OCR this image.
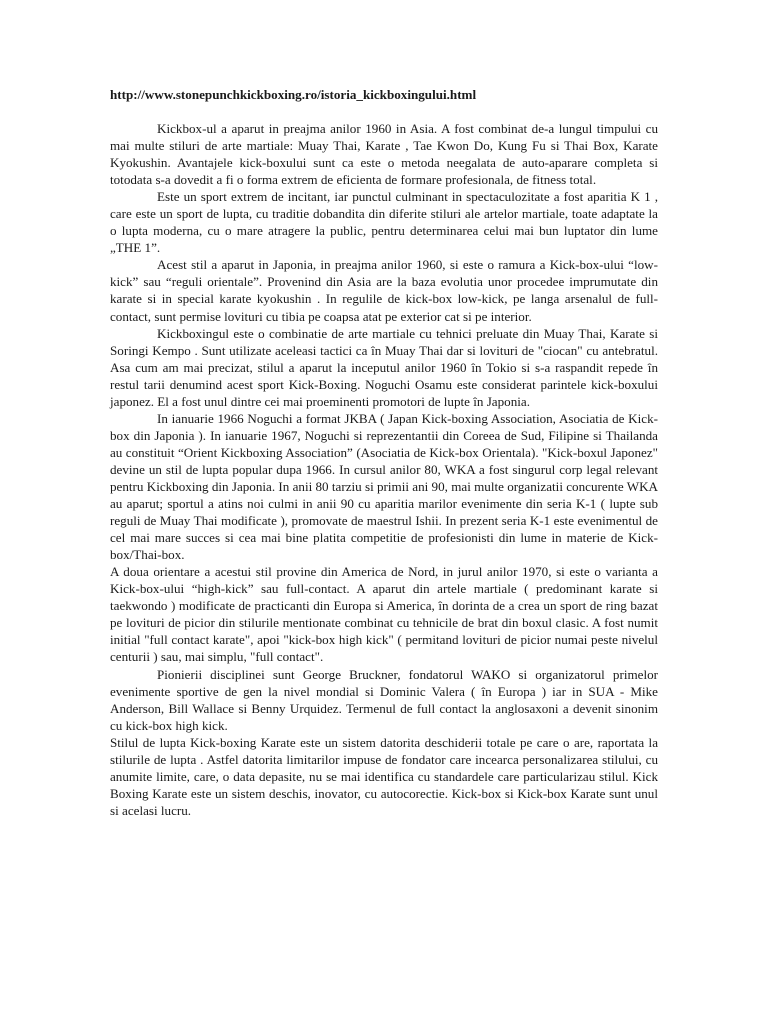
http://www.stonepunchkickboxing.ro/istoria_kickboxingului.html

Kickbox-ul a aparut in preajma anilor 1960 in Asia. A fost combinat de-a lungul timpului cu mai multe stiluri de arte martiale: Muay Thai, Karate , Tae Kwon Do, Kung Fu si Thai Box, Karate Kyokushin. Avantajele kick-boxului sunt ca este o metoda neegalata de auto-aparare completa si totodata s-a dovedit a fi o forma extrem de eficienta de formare profesionala, de fitness total.

Este un sport extrem de incitant, iar punctul culminant in spectaculozitate a fost aparitia K 1 , care este un sport de lupta, cu traditie dobandita din diferite stiluri ale artelor martiale, toate adaptate la o lupta moderna, cu o mare atragere la public, pentru determinarea celui mai bun luptator din lume „THE 1”.

Acest stil a aparut in Japonia, in preajma anilor 1960, si este o ramura a Kick-box-ului “low-kick” sau “reguli orientale”. Provenind din Asia are la baza evolutia unor procedee imprumutate din karate si in special karate kyokushin . In regulile de kick-box low-kick, pe langa arsenalul de full-contact, sunt permise lovituri cu tibia pe coapsa atat pe exterior cat si pe interior.

Kickboxingul este o combinatie de arte martiale cu tehnici preluate din Muay Thai, Karate si Soringi Kempo . Sunt utilizate aceleasi tactici ca în Muay Thai dar si lovituri de "ciocan" cu antebratul. Asa cum am mai precizat, stilul a aparut la inceputul anilor 1960 în Tokio si s-a raspandit repede în restul tarii denumind acest sport Kick-Boxing. Noguchi Osamu este considerat parintele kick-boxului japonez. El a fost unul dintre cei mai proeminenti promotori de lupte în Japonia.

In ianuarie 1966 Noguchi a format JKBA ( Japan Kick-boxing Association, Asociatia de Kick-box din Japonia ). In ianuarie 1967, Noguchi si reprezentantii din Coreea de Sud, Filipine si Thailanda au constituit “Orient Kickboxing Association” (Asociatia de Kick-box Orientala). "Kick-boxul Japonez" devine un stil de lupta popular dupa 1966. In cursul anilor 80, WKA a fost singurul corp legal relevant pentru Kickboxing din Japonia. In anii 80 tarziu si primii ani 90, mai multe organizatii concurente WKA au aparut; sportul a atins noi culmi in anii 90 cu aparitia marilor evenimente din seria K-1 ( lupte sub reguli de Muay Thai modificate ), promovate de maestrul Ishii. In prezent seria K-1 este evenimentul de cel mai mare succes si cea mai bine platita competitie de profesionisti din lume in materie de Kick-box/Thai-box.

A doua orientare a acestui stil provine din America de Nord, in jurul anilor 1970, si este o varianta a Kick-box-ului “high-kick” sau full-contact. A aparut din artele martiale ( predominant karate si taekwondo ) modificate de practicanti din Europa si America, în dorinta de a crea un sport de ring bazat pe lovituri de picior din stilurile mentionate combinat cu tehnicile de brat din boxul clasic. A fost numit initial "full contact karate", apoi "kick-box high kick" ( permitand lovituri de picior numai peste nivelul centurii ) sau, mai simplu, "full contact".

Pionierii disciplinei sunt George Bruckner, fondatorul WAKO si organizatorul primelor evenimente sportive de gen la nivel mondial si Dominic Valera ( în Europa ) iar in SUA - Mike Anderson, Bill Wallace si Benny Urquidez. Termenul de full contact la anglosaxoni a devenit sinonim cu kick-box high kick.

Stilul de lupta Kick-boxing Karate este un sistem datorita deschiderii totale pe care o are, raportata la stilurile de lupta . Astfel datorita limitarilor impuse de fondator care incearca personalizarea stilului, cu anumite limite, care, o data depasite, nu se mai identifica cu standardele care particularizau stilul. Kick Boxing Karate este un sistem deschis, inovator, cu autocorectie. Kick-box si Kick-box Karate sunt unul si acelasi lucru.
